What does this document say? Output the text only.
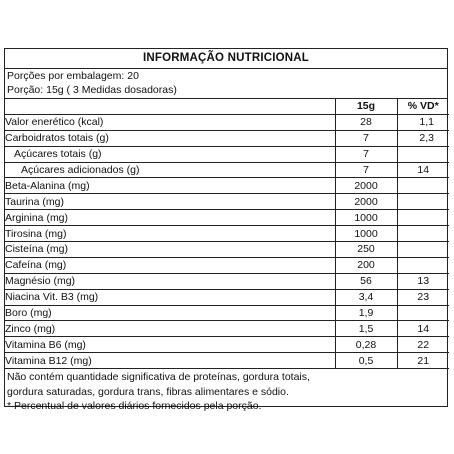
INFORMAÇÃO NUTRICIONAL
Porções por embalagem: 20
Porção: 15g ( 3 Medidas dosadoras)
	15g	% VD*
Valor enerético (kcal)	28	1,1
Carboidratos totais (g)	7	2,3
Açúcares totais (g)	7	
Açúcares adicionados (g)	7	14
Beta-Alanina (mg)	2000	
Taurina (mg)	2000	
Arginina (mg)	1000	
Tirosina (mg)	1000	
Cisteína (mg)	250	
Cafeína (mg)	200	
Magnésio (mg)	56	13
Niacina Vit. B3 (mg)	3,4	23
Boro (mg)	1,9	
Zinco (mg)	1,5	14
Vitamina B6 (mg)	0,28	22
Vitamina B12 (mg)	0,5	21
Não contém quantidade significativa de proteínas, gordura totais,
gordura saturadas, gordura trans, fibras alimentares e sódio.
* Percentual de valores diários fornecidos pela porção.
